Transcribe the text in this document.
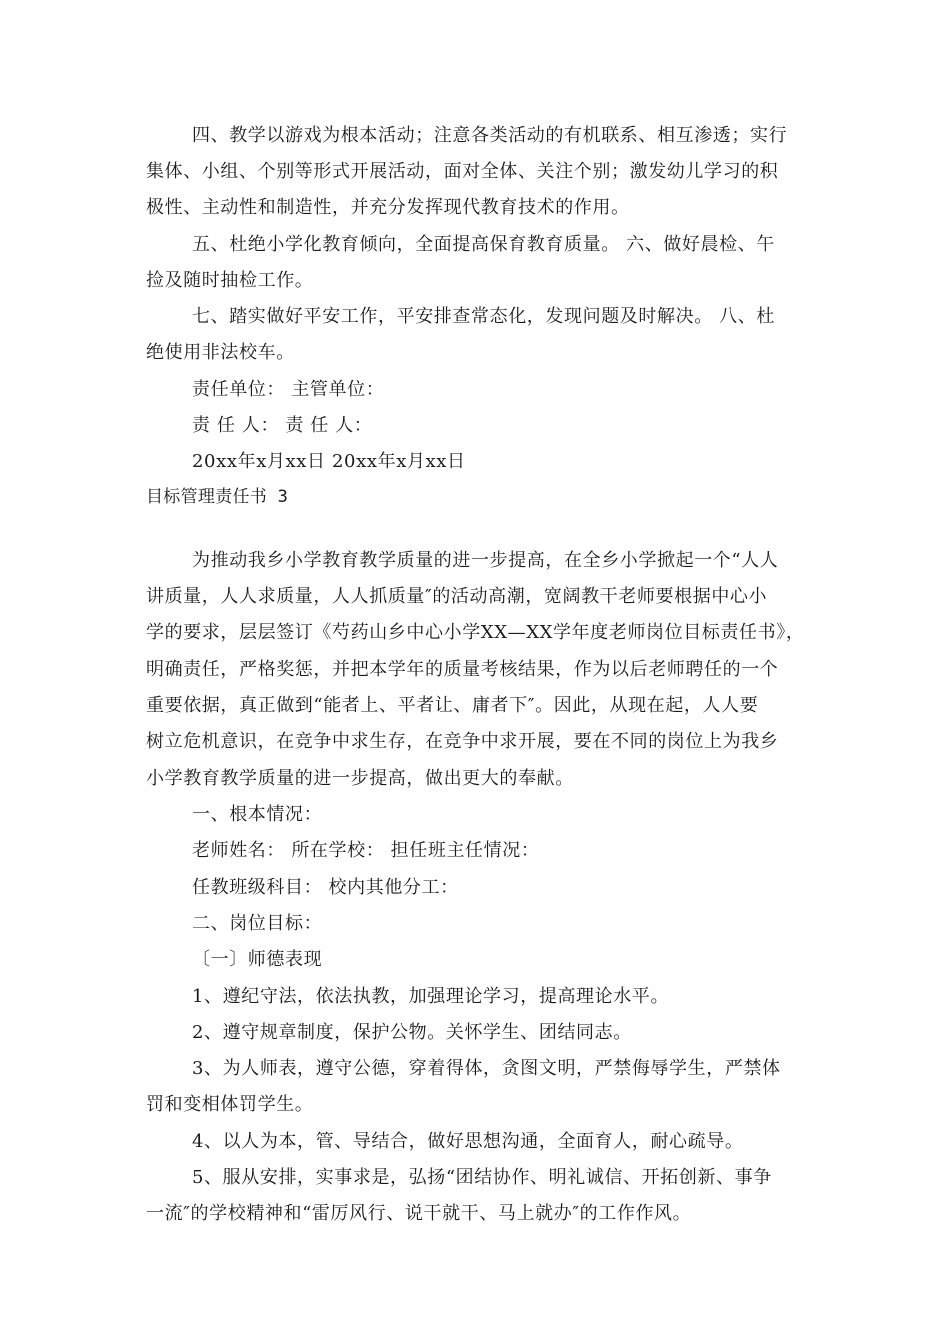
四、教学以游戏为根本活动；注意各类活动的有机联系、相互渗透；实行
集体、小组、个别等形式开展活动，面对全体、关注个别；激发幼儿学习的积
极性、主动性和制造性，并充分发挥现代教育技术的作用。
五、杜绝小学化教育倾向，全面提高保育教育质量。 六、做好晨检、午
捡及随时抽检工作。
七、踏实做好平安工作，平安排查常态化，发现问题及时解决。 八、杜
绝使用非法校车。
责任单位： 主管单位：
责 任 人： 责 任 人：
20xx年x月xx日 20xx年x月xx日
目标管理责任书 3
为推动我乡小学教育教学质量的进一步提高，在全乡小学掀起一个“人人
讲质量，人人求质量，人人抓质量″的活动高潮，宽阔教干老师要根据中心小
学的要求，层层签订《芍药山乡中心小学XX—XX学年度老师岗位目标责任书》，
明确责任，严格奖惩，并把本学年的质量考核结果，作为以后老师聘任的一个
重要依据，真正做到“能者上、平者让、庸者下″。因此，从现在起，人人要
树立危机意识，在竞争中求生存，在竞争中求开展，要在不同的岗位上为我乡
小学教育教学质量的进一步提高，做出更大的奉献。
一、根本情况：
老师姓名： 所在学校： 担任班主任情况：
任教班级科目： 校内其他分工：
二、岗位目标：
〔一〕师德表现
1、遵纪守法，依法执教，加强理论学习，提高理论水平。
2、遵守规章制度，保护公物。关怀学生、团结同志。
3、为人师表，遵守公德，穿着得体，贪图文明，严禁侮辱学生，严禁体
罚和变相体罚学生。
4、以人为本，管、导结合，做好思想沟通，全面育人，耐心疏导。
5、服从安排，实事求是，弘扬“团结协作、明礼诚信、开拓创新、事争
一流″的学校精神和“雷厉风行、说干就干、马上就办″的工作作风。
